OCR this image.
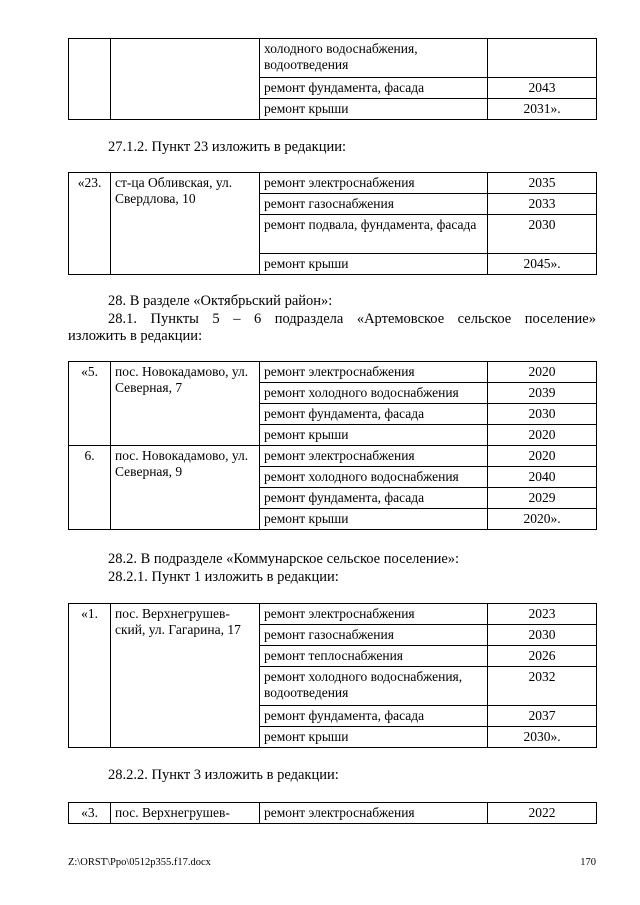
		холодного водоснабжения, водоотведения	
		ремонт фундамента, фасада	2043
		ремонт крыши	2031».
27.1.2. Пункт 23 изложить в редакции:
«23.	ст-ца Обливская, ул. Свердлова, 10	ремонт электроснабжения	2035
		ремонт газоснабжения	2033
		ремонт подвала, фундамента, фасада	2030
		ремонт крыши	2045».
28. В разделе «Октябрьский район»:
28.1. Пункты 5 – 6 подраздела «Артемовское сельское поселение»
изложить в редакции:
«5.	пос. Новокадамово, ул. Северная, 7	ремонт электроснабжения	2020
		ремонт холодного водоснабжения	2039
		ремонт фундамента, фасада	2030
		ремонт крыши	2020
6.	пос. Новокадамово, ул. Северная, 9	ремонт электроснабжения	2020
		ремонт холодного водоснабжения	2040
		ремонт фундамента, фасада	2029
		ремонт крыши	2020».
28.2. В подразделе «Коммунарское сельское поселение»:
28.2.1. Пункт 1 изложить в редакции:
«1.	пос. Верхнегрушев-ский, ул. Гагарина, 17	ремонт электроснабжения	2023
		ремонт газоснабжения	2030
		ремонт теплоснабжения	2026
		ремонт холодного водоснабжения, водоотведения	2032
		ремонт фундамента, фасада	2037
		ремонт крыши	2030».
28.2.2. Пункт 3 изложить в редакции:
«3.	пос. Верхнегрушев-	ремонт электроснабжения	2022
Z:\ORST\Ppo\0512p355.f17.docx	170
